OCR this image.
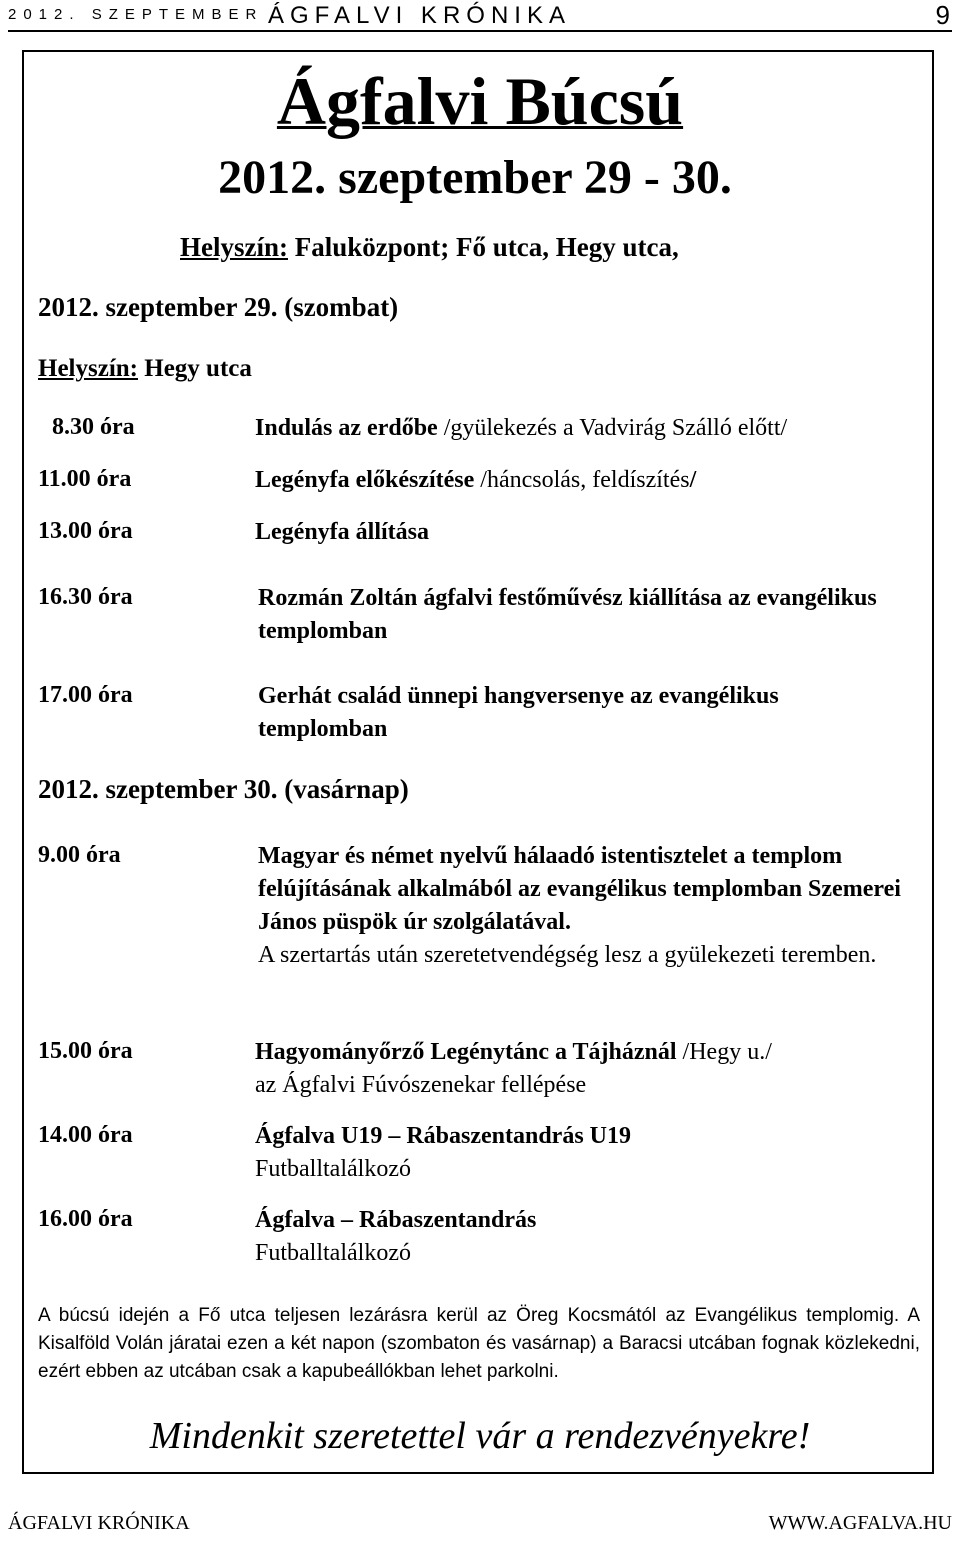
2012. SZEPTEMBER ÁGFALVI KRÓNIKA	9
Ágfalvi Búcsú
2012. szeptember 29 - 30.
Helyszín: Faluközpont; Fő utca, Hegy utca,
2012. szeptember 29. (szombat)
Helyszín: Hegy utca
8.30 óra	Indulás az erdőbe /gyülekezés a Vadvirág Szálló előtt/
11.00 óra	Legényfa előkészítése /háncsolás, feldíszítés/
13.00 óra	Legényfa állítása
16.30 óra	Rozmán Zoltán ágfalvi festőművész kiállítása az evangélikus templomban
17.00 óra	Gerhát család ünnepi hangversenye az evangélikus templomban
2012. szeptember 30. (vasárnap)
9.00 óra	Magyar és német nyelvű hálaadó istentisztelet a templom felújításának alkalmából az evangélikus templomban Szemerei János püspök úr szolgálatával.
A szertartás után szeretetvendégség lesz a gyülekezeti teremben.
15.00 óra	Hagyományőrző Legénytánc a Tájháznál /Hegy u./
az Ágfalvi Fúvószenekar fellépése
14.00 óra	Ágfalva U19 – Rábaszentandrás U19
Futballtalálkozó
16.00 óra	Ágfalva – Rábaszentandrás
Futballtalálkozó
A búcsú idején a Fő utca teljesen lezárásra kerül az Öreg Kocsmától az Evangélikus templomig. A Kisalföld Volán járatai ezen a két napon (szombaton és vasárnap) a Baracsi utcában fognak közlekedni, ezért ebben az utcában csak a kapubeállókban lehet parkolni.
Mindenkit szeretettel vár a rendezvényekre!
ÁGFALVI KRÓNIKA	WWW.AGFALVA.HU
